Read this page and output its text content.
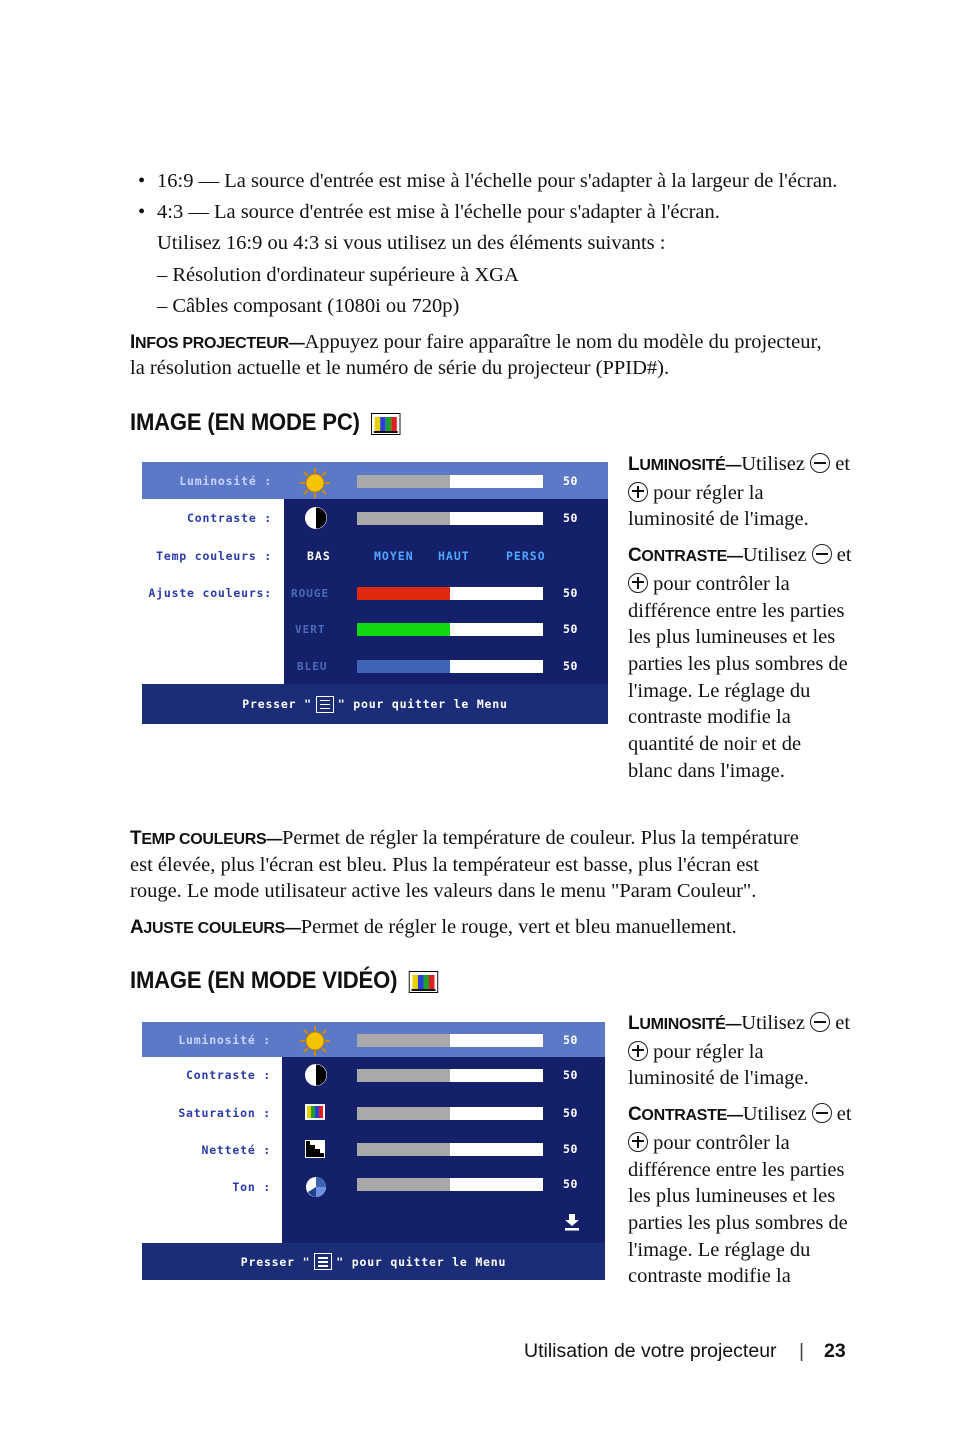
• 16:9 — La source d'entrée est mise à l'échelle pour s'adapter à la largeur de l'écran.
• 4:3 — La source d'entrée est mise à l'échelle pour s'adapter à l'écran.
Utilisez 16:9 ou 4:3 si vous utilisez un des éléments suivants :
– Résolution d'ordinateur supérieure à XGA
– Câbles composant (1080i ou 720p)
INFOS PROJECTEUR—Appuyez pour faire apparaître le nom du modèle du projecteur,
la résolution actuelle et le numéro de série du projecteur (PPID#).
IMAGE (EN MODE PC)
Luminosité :
Contraste :
Temp couleurs :
Ajuste couleurs:
50
50
50
50
50
BAS	MOYEN HAUT	PERSO
ROUGE
VERT
BLEU
Presser " " pour quitter le Menu
LUMINOSITÉ—Utilisez et
pour régler la
luminosité de l'image.
CONTRASTE—Utilisez et
pour contrôler la
différence entre les parties
les plus lumineuses et les
parties les plus sombres de
l'image. Le réglage du
contraste modifie la
quantité de noir et de
blanc dans l'image.
TEMP COULEURS—Permet de régler la température de couleur. Plus la température
est élevée, plus l'écran est bleu. Plus la températeur est basse, plus l'écran est
rouge. Le mode utilisateur active les valeurs dans le menu "Param Couleur".
AJUSTE COULEURS—Permet de régler le rouge, vert et bleu manuellement.
IMAGE (EN MODE VIDÉO)
Luminosité :
Contraste :
Saturation :
Netteté :
Ton :
50
50
50
50
50
Presser " " pour quitter le Menu
LUMINOSITÉ—Utilisez et
pour régler la
luminosité de l'image.
CONTRASTE—Utilisez et
pour contrôler la
différence entre les parties
les plus lumineuses et les
parties les plus sombres de
l'image. Le réglage du
contraste modifie la
Utilisation de votre projecteur | 23
